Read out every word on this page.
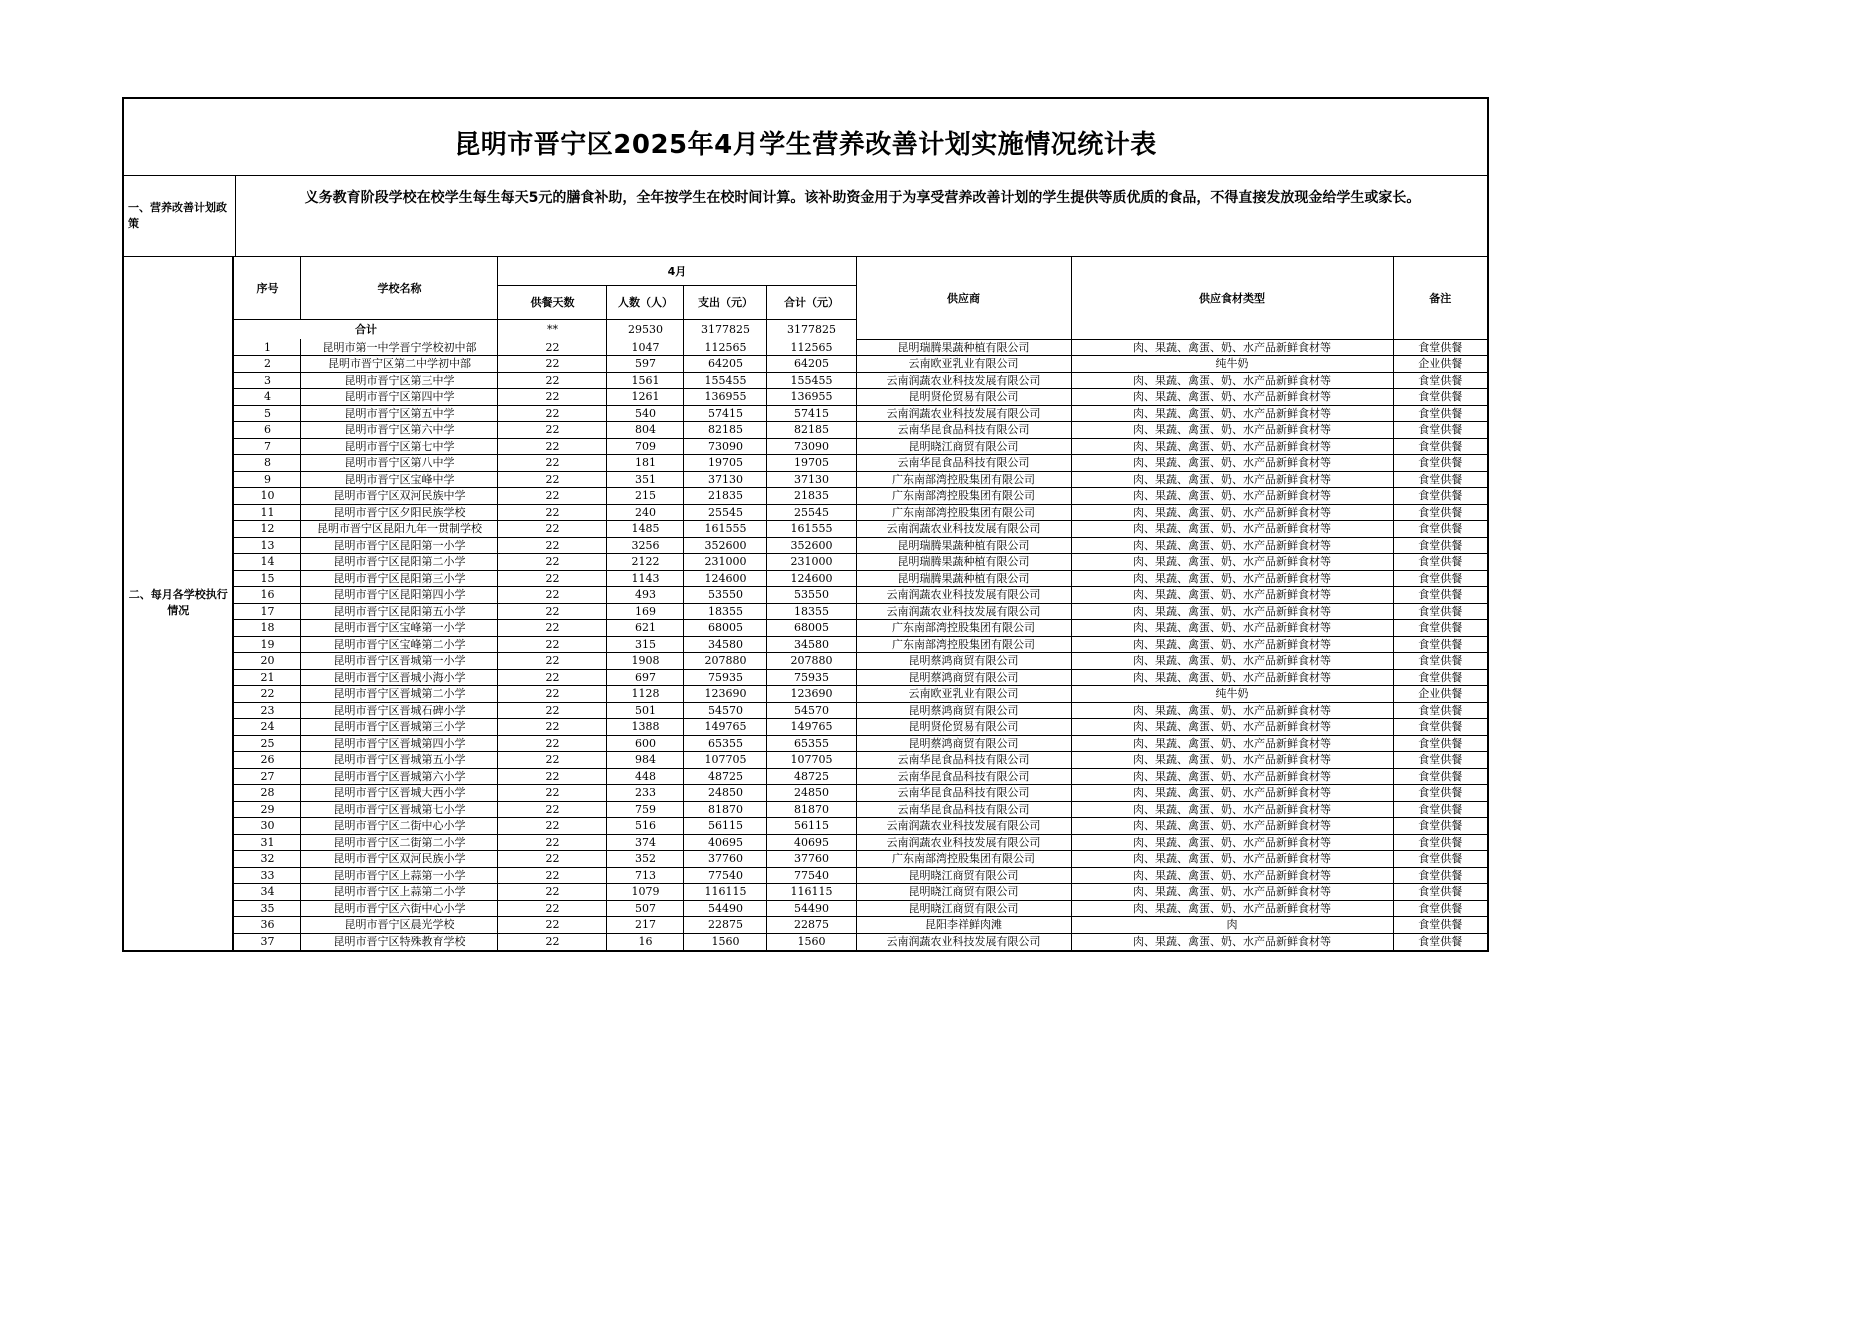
昆明市晋宁区2025年4月学生营养改善计划实施情况统计表
一、营养改善计划政策
义务教育阶段学校在校学生每生每天5元的膳食补助，全年按学生在校时间计算。该补助资金用于为享受营养改善计划的学生提供等质优质的食品，不得直接发放现金给学生或家长。
二、每月各学校执行情况
序号	学校名称	4月				供应商	供应食材类型	备注
		供餐天数	人数（人）	支出（元）	合计（元）			
合计		**	29530	3177825	3177825			
1	昆明市第一中学晋宁学校初中部	22	1047	112565	112565	昆明瑞腾果蔬种植有限公司	肉、果蔬、禽蛋、奶、水产品新鲜食材等	食堂供餐
2	昆明市晋宁区第二中学初中部	22	597	64205	64205	云南欧亚乳业有限公司	纯牛奶	企业供餐
3	昆明市晋宁区第三中学	22	1561	155455	155455	云南润蔬农业科技发展有限公司	肉、果蔬、禽蛋、奶、水产品新鲜食材等	食堂供餐
4	昆明市晋宁区第四中学	22	1261	136955	136955	昆明贤伦贸易有限公司	肉、果蔬、禽蛋、奶、水产品新鲜食材等	食堂供餐
5	昆明市晋宁区第五中学	22	540	57415	57415	云南润蔬农业科技发展有限公司	肉、果蔬、禽蛋、奶、水产品新鲜食材等	食堂供餐
6	昆明市晋宁区第六中学	22	804	82185	82185	云南华昆食品科技有限公司	肉、果蔬、禽蛋、奶、水产品新鲜食材等	食堂供餐
7	昆明市晋宁区第七中学	22	709	73090	73090	昆明晓江商贸有限公司	肉、果蔬、禽蛋、奶、水产品新鲜食材等	食堂供餐
8	昆明市晋宁区第八中学	22	181	19705	19705	云南华昆食品科技有限公司	肉、果蔬、禽蛋、奶、水产品新鲜食材等	食堂供餐
9	昆明市晋宁区宝峰中学	22	351	37130	37130	广东南部湾控股集团有限公司	肉、果蔬、禽蛋、奶、水产品新鲜食材等	食堂供餐
10	昆明市晋宁区双河民族中学	22	215	21835	21835	广东南部湾控股集团有限公司	肉、果蔬、禽蛋、奶、水产品新鲜食材等	食堂供餐
11	昆明市晋宁区夕阳民族学校	22	240	25545	25545	广东南部湾控股集团有限公司	肉、果蔬、禽蛋、奶、水产品新鲜食材等	食堂供餐
12	昆明市晋宁区昆阳九年一贯制学校	22	1485	161555	161555	云南润蔬农业科技发展有限公司	肉、果蔬、禽蛋、奶、水产品新鲜食材等	食堂供餐
13	昆明市晋宁区昆阳第一小学	22	3256	352600	352600	昆明瑞腾果蔬种植有限公司	肉、果蔬、禽蛋、奶、水产品新鲜食材等	食堂供餐
14	昆明市晋宁区昆阳第二小学	22	2122	231000	231000	昆明瑞腾果蔬种植有限公司	肉、果蔬、禽蛋、奶、水产品新鲜食材等	食堂供餐
15	昆明市晋宁区昆阳第三小学	22	1143	124600	124600	昆明瑞腾果蔬种植有限公司	肉、果蔬、禽蛋、奶、水产品新鲜食材等	食堂供餐
16	昆明市晋宁区昆阳第四小学	22	493	53550	53550	云南润蔬农业科技发展有限公司	肉、果蔬、禽蛋、奶、水产品新鲜食材等	食堂供餐
17	昆明市晋宁区昆阳第五小学	22	169	18355	18355	云南润蔬农业科技发展有限公司	肉、果蔬、禽蛋、奶、水产品新鲜食材等	食堂供餐
18	昆明市晋宁区宝峰第一小学	22	621	68005	68005	广东南部湾控股集团有限公司	肉、果蔬、禽蛋、奶、水产品新鲜食材等	食堂供餐
19	昆明市晋宁区宝峰第二小学	22	315	34580	34580	广东南部湾控股集团有限公司	肉、果蔬、禽蛋、奶、水产品新鲜食材等	食堂供餐
20	昆明市晋宁区晋城第一小学	22	1908	207880	207880	昆明蔡鸿商贸有限公司	肉、果蔬、禽蛋、奶、水产品新鲜食材等	食堂供餐
21	昆明市晋宁区晋城小海小学	22	697	75935	75935	昆明蔡鸿商贸有限公司	肉、果蔬、禽蛋、奶、水产品新鲜食材等	食堂供餐
22	昆明市晋宁区晋城第二小学	22	1128	123690	123690	云南欧亚乳业有限公司	纯牛奶	企业供餐
23	昆明市晋宁区晋城石碑小学	22	501	54570	54570	昆明蔡鸿商贸有限公司	肉、果蔬、禽蛋、奶、水产品新鲜食材等	食堂供餐
24	昆明市晋宁区晋城第三小学	22	1388	149765	149765	昆明贤伦贸易有限公司	肉、果蔬、禽蛋、奶、水产品新鲜食材等	食堂供餐
25	昆明市晋宁区晋城第四小学	22	600	65355	65355	昆明蔡鸿商贸有限公司	肉、果蔬、禽蛋、奶、水产品新鲜食材等	食堂供餐
26	昆明市晋宁区晋城第五小学	22	984	107705	107705	云南华昆食品科技有限公司	肉、果蔬、禽蛋、奶、水产品新鲜食材等	食堂供餐
27	昆明市晋宁区晋城第六小学	22	448	48725	48725	云南华昆食品科技有限公司	肉、果蔬、禽蛋、奶、水产品新鲜食材等	食堂供餐
28	昆明市晋宁区晋城大西小学	22	233	24850	24850	云南华昆食品科技有限公司	肉、果蔬、禽蛋、奶、水产品新鲜食材等	食堂供餐
29	昆明市晋宁区晋城第七小学	22	759	81870	81870	云南华昆食品科技有限公司	肉、果蔬、禽蛋、奶、水产品新鲜食材等	食堂供餐
30	昆明市晋宁区二街中心小学	22	516	56115	56115	云南润蔬农业科技发展有限公司	肉、果蔬、禽蛋、奶、水产品新鲜食材等	食堂供餐
31	昆明市晋宁区二街第二小学	22	374	40695	40695	云南润蔬农业科技发展有限公司	肉、果蔬、禽蛋、奶、水产品新鲜食材等	食堂供餐
32	昆明市晋宁区双河民族小学	22	352	37760	37760	广东南部湾控股集团有限公司	肉、果蔬、禽蛋、奶、水产品新鲜食材等	食堂供餐
33	昆明市晋宁区上蒜第一小学	22	713	77540	77540	昆明晓江商贸有限公司	肉、果蔬、禽蛋、奶、水产品新鲜食材等	食堂供餐
34	昆明市晋宁区上蒜第二小学	22	1079	116115	116115	昆明晓江商贸有限公司	肉、果蔬、禽蛋、奶、水产品新鲜食材等	食堂供餐
35	昆明市晋宁区六街中心小学	22	507	54490	54490	昆明晓江商贸有限公司	肉、果蔬、禽蛋、奶、水产品新鲜食材等	食堂供餐
36	昆明市晋宁区晨光学校	22	217	22875	22875	昆阳李祥鲜肉滩	肉	食堂供餐
37	昆明市晋宁区特殊教育学校	22	16	1560	1560	云南润蔬农业科技发展有限公司	肉、果蔬、禽蛋、奶、水产品新鲜食材等	食堂供餐
